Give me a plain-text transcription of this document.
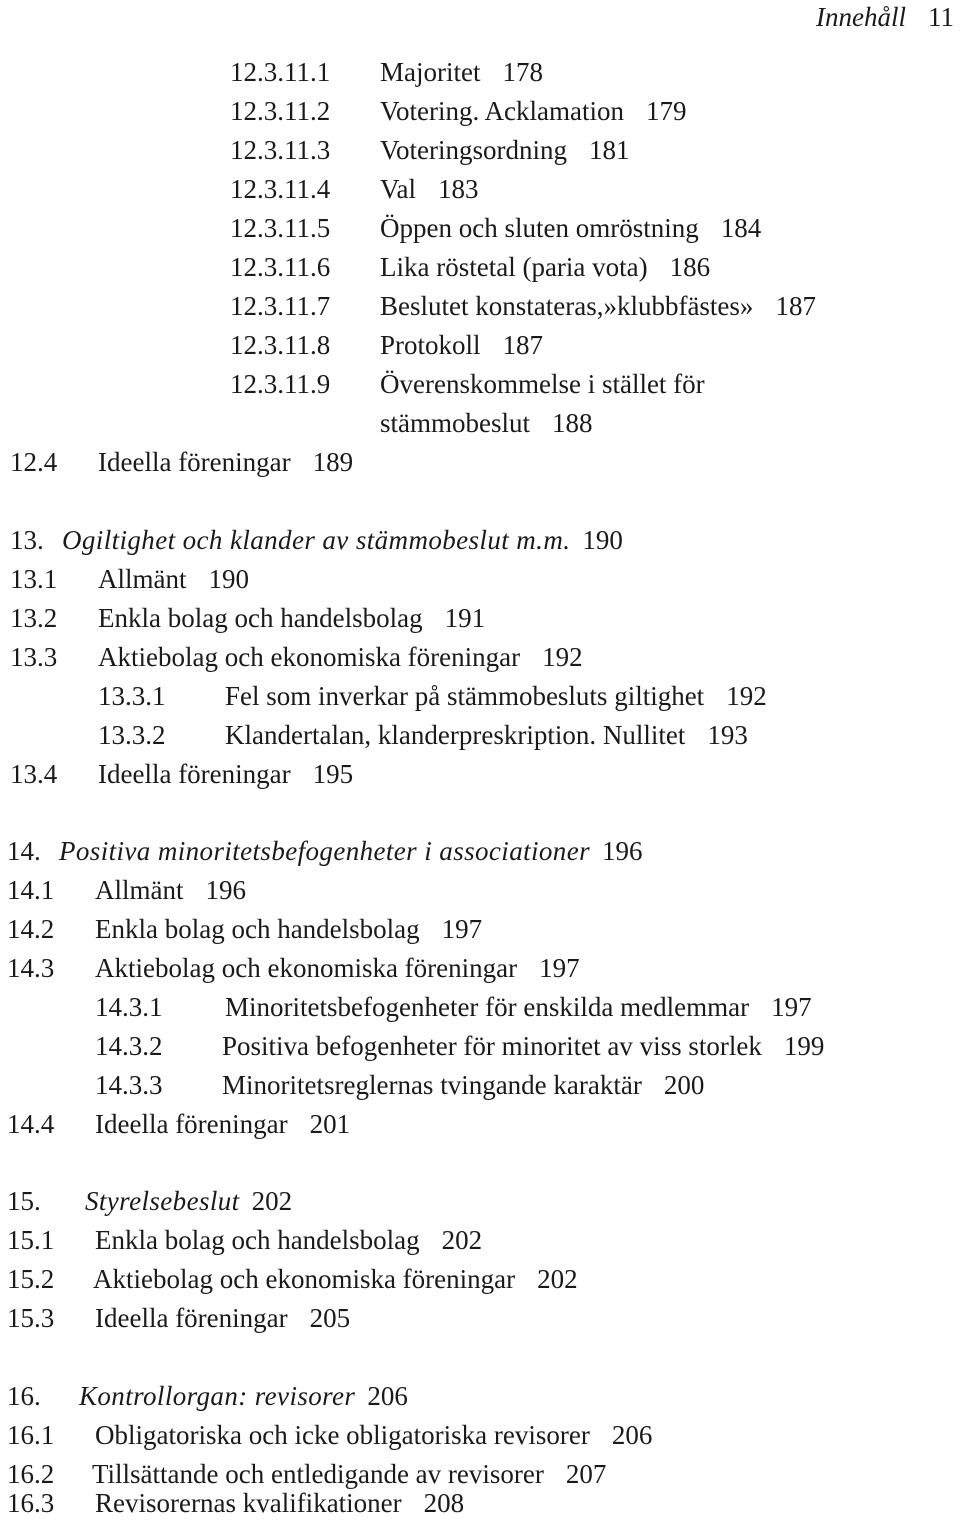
Innehåll 11
12.3.11.1 Majoritet 178
12.3.11.2 Votering. Acklamation 179
12.3.11.3 Voteringsordning 181
12.3.11.4 Val 183
12.3.11.5 Öppen och sluten omröstning 184
12.3.11.6 Lika röstetal (paria vota) 186
12.3.11.7 Beslutet konstateras,»klubbfästes» 187
12.3.11.8 Protokoll 187
12.3.11.9 Överenskommelse i stället för
stämmobeslut 188
12.4 Ideella föreningar 189
13. Ogiltighet och klander av stämmobeslut m.m. 190
13.1 Allmänt 190
13.2 Enkla bolag och handelsbolag 191
13.3 Aktiebolag och ekonomiska föreningar 192
13.3.1 Fel som inverkar på stämmobesluts giltighet 192
13.3.2 Klandertalan, klanderpreskription. Nullitet 193
13.4 Ideella föreningar 195
14. Positiva minoritetsbefogenheter i associationer 196
14.1 Allmänt 196
14.2 Enkla bolag och handelsbolag 197
14.3 Aktiebolag och ekonomiska föreningar 197
14.3.1 Minoritetsbefogenheter för enskilda medlemmar 197
14.3.2 Positiva befogenheter för minoritet av viss storlek 199
14.3.3 Minoritetsreglernas tvingande karaktär 200
14.4 Ideella föreningar 201
15. Styrelsebeslut 202
15.1 Enkla bolag och handelsbolag 202
15.2 Aktiebolag och ekonomiska föreningar 202
15.3 Ideella föreningar 205
16. Kontrollorgan: revisorer 206
16.1 Obligatoriska och icke obligatoriska revisorer 206
16.2 Tillsättande och entledigande av revisorer 207
16.3 Revisorernas kvalifikationer 208
